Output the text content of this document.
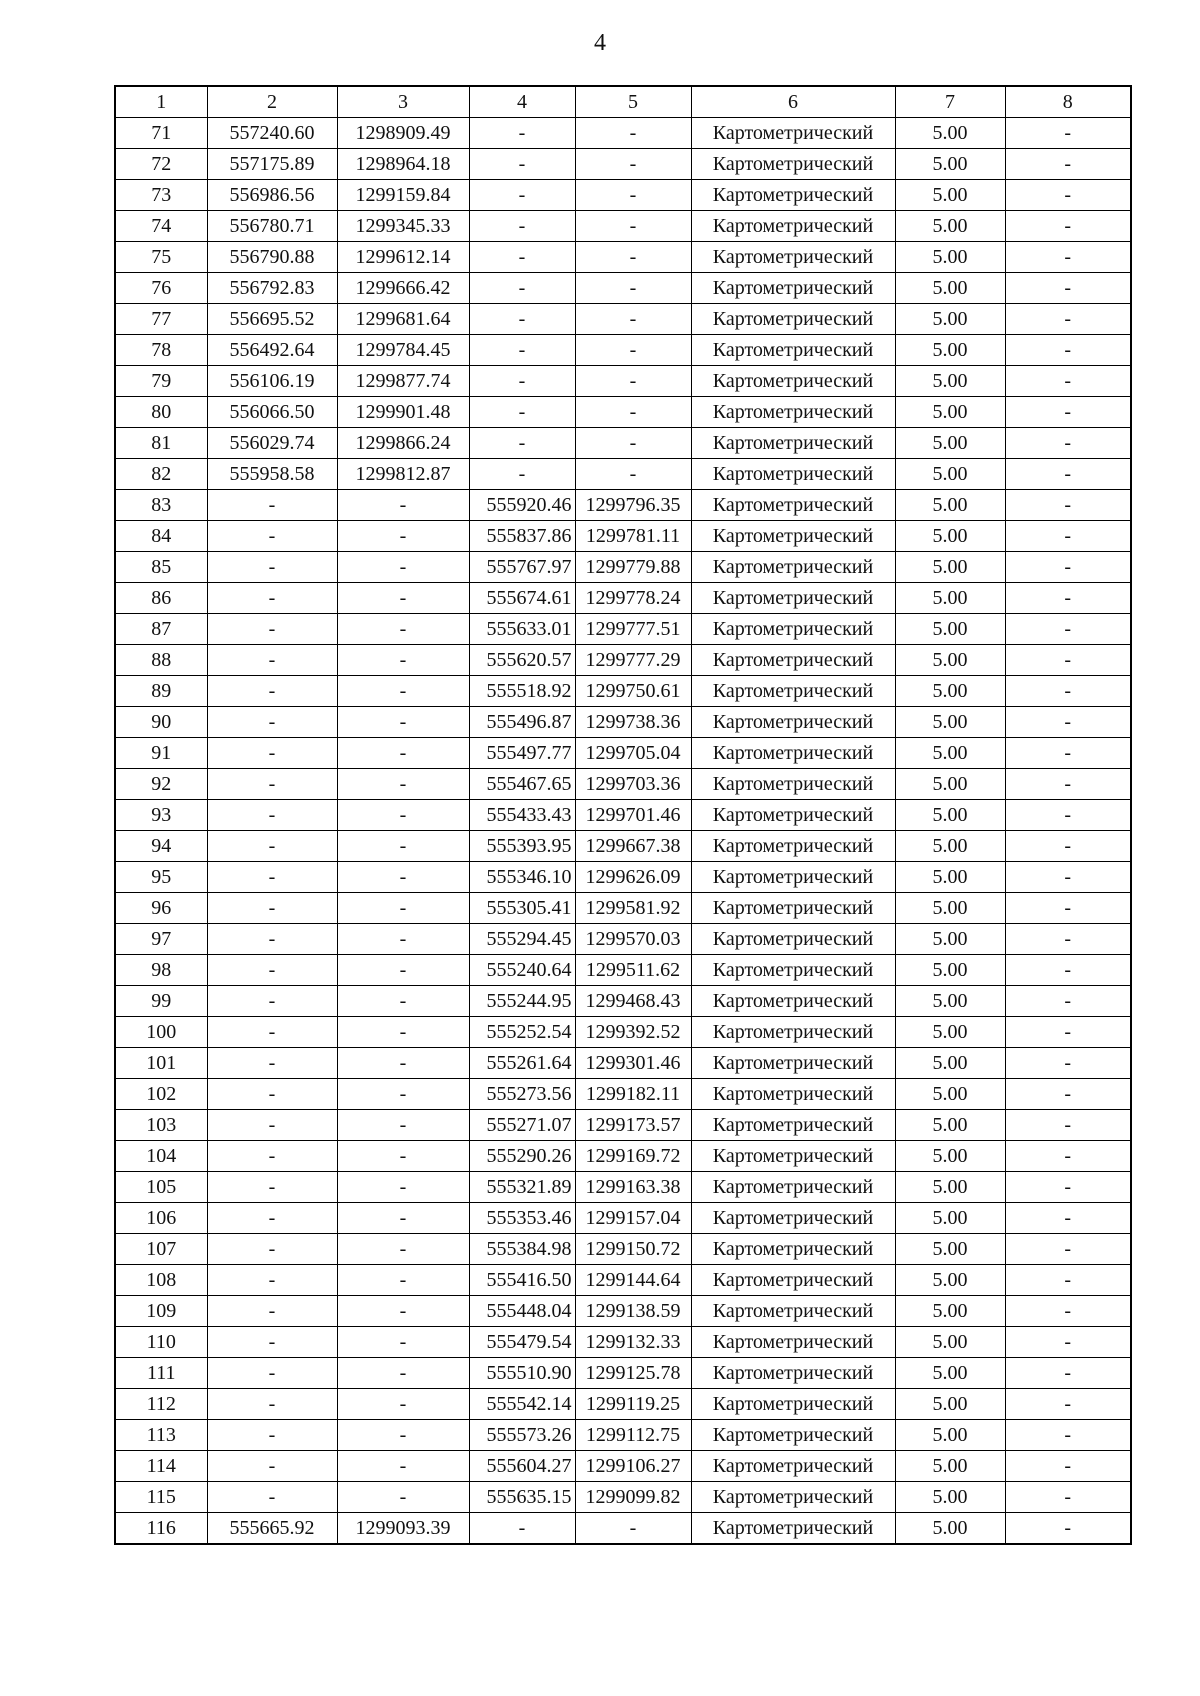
4
1	2	3	4	5	6	7	8
71	557240.60	1298909.49	-	-	Картометрический	5.00	-
72	557175.89	1298964.18	-	-	Картометрический	5.00	-
73	556986.56	1299159.84	-	-	Картометрический	5.00	-
74	556780.71	1299345.33	-	-	Картометрический	5.00	-
75	556790.88	1299612.14	-	-	Картометрический	5.00	-
76	556792.83	1299666.42	-	-	Картометрический	5.00	-
77	556695.52	1299681.64	-	-	Картометрический	5.00	-
78	556492.64	1299784.45	-	-	Картометрический	5.00	-
79	556106.19	1299877.74	-	-	Картометрический	5.00	-
80	556066.50	1299901.48	-	-	Картометрический	5.00	-
81	556029.74	1299866.24	-	-	Картометрический	5.00	-
82	555958.58	1299812.87	-	-	Картометрический	5.00	-
83	-	-	555920.46	1299796.35	Картометрический	5.00	-
84	-	-	555837.86	1299781.11	Картометрический	5.00	-
85	-	-	555767.97	1299779.88	Картометрический	5.00	-
86	-	-	555674.61	1299778.24	Картометрический	5.00	-
87	-	-	555633.01	1299777.51	Картометрический	5.00	-
88	-	-	555620.57	1299777.29	Картометрический	5.00	-
89	-	-	555518.92	1299750.61	Картометрический	5.00	-
90	-	-	555496.87	1299738.36	Картометрический	5.00	-
91	-	-	555497.77	1299705.04	Картометрический	5.00	-
92	-	-	555467.65	1299703.36	Картометрический	5.00	-
93	-	-	555433.43	1299701.46	Картометрический	5.00	-
94	-	-	555393.95	1299667.38	Картометрический	5.00	-
95	-	-	555346.10	1299626.09	Картометрический	5.00	-
96	-	-	555305.41	1299581.92	Картометрический	5.00	-
97	-	-	555294.45	1299570.03	Картометрический	5.00	-
98	-	-	555240.64	1299511.62	Картометрический	5.00	-
99	-	-	555244.95	1299468.43	Картометрический	5.00	-
100	-	-	555252.54	1299392.52	Картометрический	5.00	-
101	-	-	555261.64	1299301.46	Картометрический	5.00	-
102	-	-	555273.56	1299182.11	Картометрический	5.00	-
103	-	-	555271.07	1299173.57	Картометрический	5.00	-
104	-	-	555290.26	1299169.72	Картометрический	5.00	-
105	-	-	555321.89	1299163.38	Картометрический	5.00	-
106	-	-	555353.46	1299157.04	Картометрический	5.00	-
107	-	-	555384.98	1299150.72	Картометрический	5.00	-
108	-	-	555416.50	1299144.64	Картометрический	5.00	-
109	-	-	555448.04	1299138.59	Картометрический	5.00	-
110	-	-	555479.54	1299132.33	Картометрический	5.00	-
111	-	-	555510.90	1299125.78	Картометрический	5.00	-
112	-	-	555542.14	1299119.25	Картометрический	5.00	-
113	-	-	555573.26	1299112.75	Картометрический	5.00	-
114	-	-	555604.27	1299106.27	Картометрический	5.00	-
115	-	-	555635.15	1299099.82	Картометрический	5.00	-
116	555665.92	1299093.39	-	-	Картометрический	5.00	-
